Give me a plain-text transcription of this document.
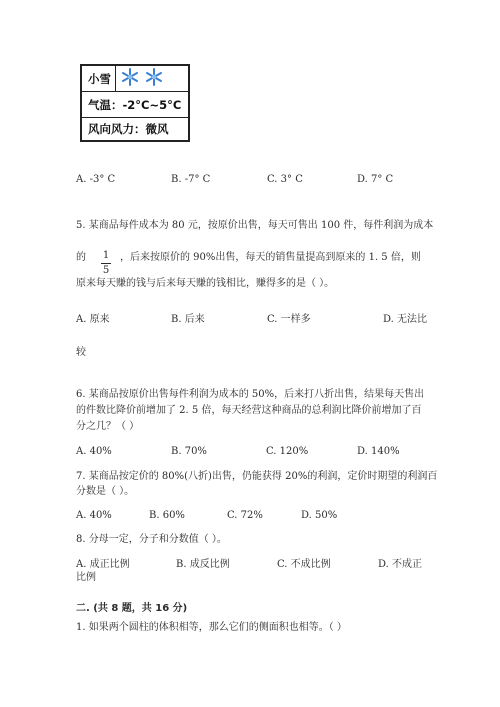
小雪
气温：-2°C~5°C
风向风力：微风
A. -3° C	B. -7° C	C. 3° C	D. 7° C
5. 某商品每件成本为 80 元，按原价出售，每天可售出 100 件，每件利润为成本
的	1
5
，后来按原价的 90%出售，每天的销售量提高到原来的 1. 5 倍，则
原来每天赚的钱与后来每天赚的钱相比，赚得多的是（ ）。
A. 原来	B. 后来	C. 一样多	D. 无法比
较
6. 某商品按原价出售每件利润为成本的 50%，后来打八折出售，结果每天售出
的件数比降价前增加了 2. 5 倍，每天经营这种商品的总利润比降价前增加了百
分之几？（ ）
A. 40%	B. 70%	C. 120%	D. 140%
7. 某商品按定价的 80%(八折)出售，仍能获得 20%的利润，定价时期望的利润百
分数是（ ）。
A. 40%	B. 60%	C. 72%	D. 50%
8. 分母一定，分子和分数值（ ）。
A. 成正比例	B. 成反比例	C. 不成比例	D. 不成正
比例
二. (共 8 题，共 16 分)
1. 如果两个圆柱的体积相等，那么它们的侧面积也相等。（ ）
